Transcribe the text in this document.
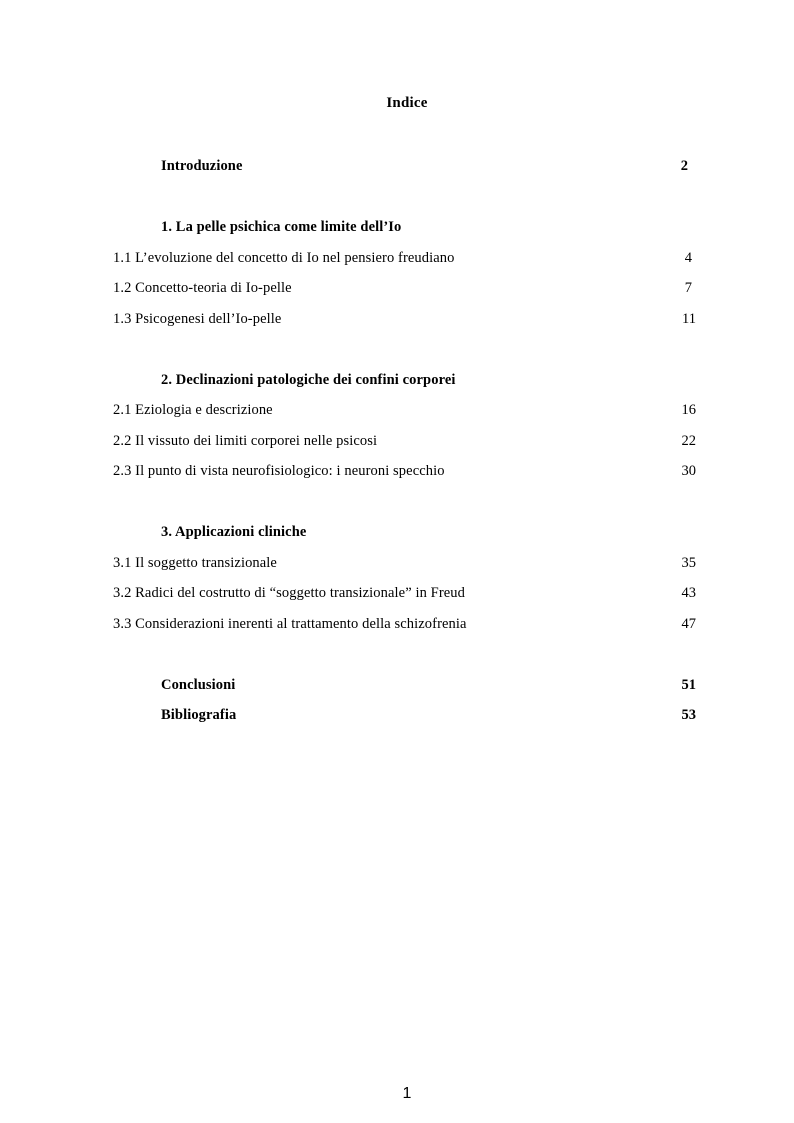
Indice
Introduzione	2
1. La pelle psichica come limite dell’Io
1.1 L’evoluzione del concetto di Io nel pensiero freudiano	4
1.2 Concetto-teoria di Io-pelle	7
1.3 Psicogenesi dell’Io-pelle	11
2. Declinazioni patologiche dei confini corporei
2.1 Eziologia e descrizione	16
2.2 Il vissuto dei limiti corporei nelle psicosi	22
2.3 Il punto di vista neurofisiologico: i neuroni specchio	30
3. Applicazioni cliniche
3.1 Il soggetto transizionale	35
3.2 Radici del costrutto di “soggetto transizionale” in Freud	43
3.3 Considerazioni inerenti al trattamento della schizofrenia	47
Conclusioni	51
Bibliografia	53
1
